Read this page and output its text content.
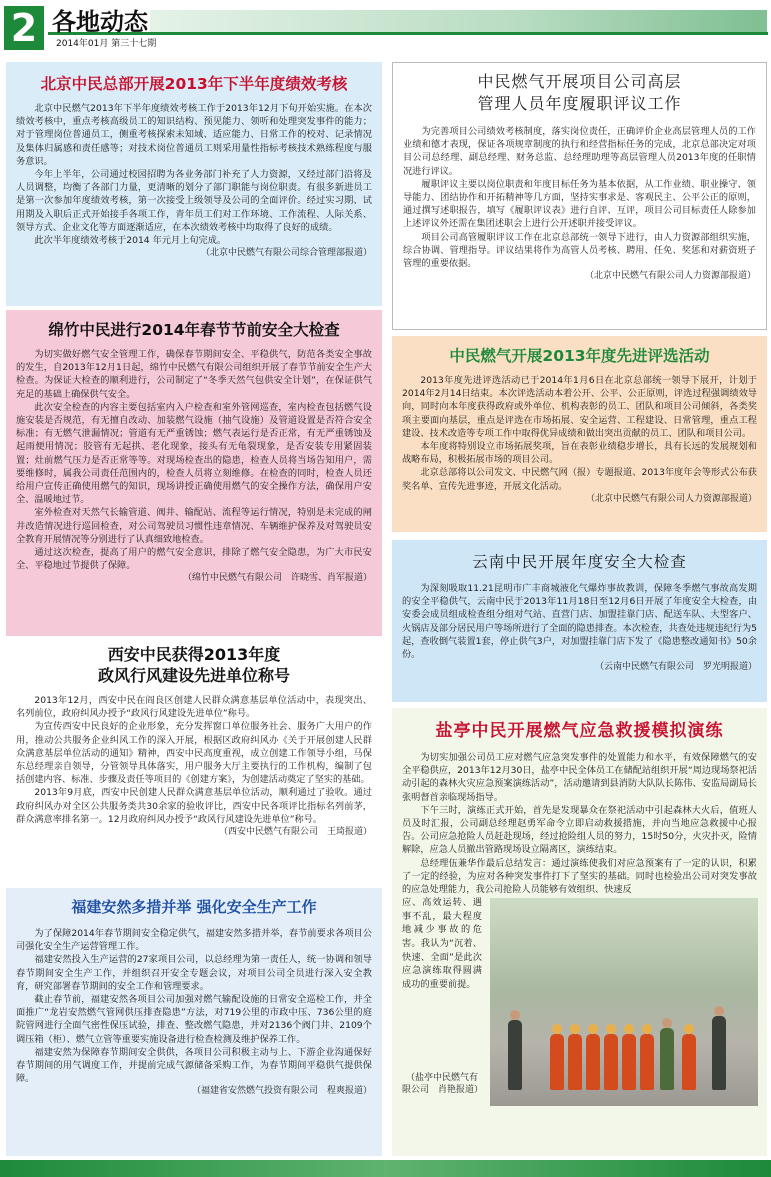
2 各地动态
2014年01月 第三十七期
北京中民总部开展2013年下半年度绩效考核

北京中民燃气2013年下半年度绩效考核工作于2013年12月下旬开始实施。在本次绩效考核中，重点考核高级员工的知识结构、预见能力、领听和处理突发事件的能力；对于管理岗位普通员工，侧重考核探索未知域、适应能力、日常工作的校对、记录情况及集体归属感和责任感等；对技术岗位普通员工则采用量性指标考核技术熟练程度与服务意识。

今年上半年，公司通过校园招聘为各业务部门补充了人力资源，又经过部门沿将及人员调整，均衡了各部门力量，更清晰的划分了部门职能与岗位职责。有很多新进员工是第一次参加年度绩效考核，第一次接受上级领导及公司的全面评价。经过实习期、试用期及入职后正式开始接手各项工作，青年员工们对工作环境、工作流程、人际关系、领导方式、企业文化等方面逐渐适应，在本次绩效考核中均取得了良好的成绩。

此次半年度绩效考核于2014 年元月上旬完成。

（北京中民燃气有限公司综合管理部报道）

中民燃气开展项目公司高层
管理人员年度履职评议工作

为完善项目公司绩效考核制度，落实岗位责任，正确评价企业高层管理人员的工作业绩和德才表现，保证各项规章制度的执行和经营指标任务的完成，北京总部决定对项目公司总经理、副总经理、财务总监、总经理助理等高层管理人员2013年度的任职情况进行评议。

履职评议主要以岗位职责和年度目标任务为基本依据，从工作业绩、职业操守、领导能力、团结协作和开拓精神等几方面，坚持实事求是、客观民主、公平公正的原则，通过撰写述职报告，填写《履职评议表》进行自评、互评，项目公司目标责任人除参加上述评议外还需在集团述职会上进行公开述职并接受评议。

项目公司高管履职评议工作在北京总部统一领导下进行，由人力资源部组织实施，综合协调、管理指导。评议结果将作为高管人员考核、聘用、任免、奖惩和对薪资班子管理的重要依据。

（北京中民燃气有限公司人力资源部报道）

绵竹中民进行2014年春节节前安全大检查

为切实做好燃气安全管理工作，确保春节期间安全、平稳供气，防范各类安全事故的发生，自2013年12月1日起，绵竹中民燃气有限公司组织开展了春节节前安全生产大检查。为保证大检查的顺利进行，公司制定了“冬季天然气包供安全计划”，在保证供气充足的基础上确保供气安全。

此次安全检查的内容主要包括室内入户检查和室外管网巡查，室内检查包括燃气设施安装是否规范，有无擅自改动、加装燃气设施（抽气设施）及管道设置是否符合安全标准；有无燃气泄漏情况；管道有无严重锈蚀；燃气表运行是否正常，有无严重锈蚀及起雨便用情况；胶管有无起拱、老化现象，接头有无龟裂现象，是否安装专用紧固装置；灶前燃气压力是否正常等等。对现场检查出的隐患，检查人员将当场告知用户，需要维修时，属我公司责任范围内的，检查人员将立刻维修。在检查的同时，检查人员还给用户宣传正确使用燃气的知识，现场讲授正确使用燃气的安全操作方法，确保用户安全、温暖地过节。

室外检查对天然气长输管道、阀井、输配站、流程等运行情况，特别是未完成的闸井改造情况进行巡回检查，对公司驾驶员习惯性违章情况、车辆维护保养及对驾驶员安全教育开展情况等分别进行了认真细致地检查。

通过这次检查，提高了用户的燃气安全意识，排除了燃气安全隐患，为广大市民安全、平稳地过节提供了保障。

（绵竹中民燃气有限公司　许晓雪、肖军报道）

中民燃气开展2013年度先进评选活动

2013年度先进评选活动已于2014年1月6日在北京总部统一领导下展开，计划于2014年2月14日结束。本次评选活动本着公开、公平、公正原则，评选过程强调绩效导向，同时向本年度获得政府或外单位、机构表彰的员工、团队和项目公司倾斜，各类奖项主要面向基层，重点是评选在市场拓展、安全运营、工程建设、日常管理，重点工程建设、技术改造等专项工作中取得优异成绩和做出突出贡献的员工、团队和项目公司。

本年度将特别设立市场拓展奖项，旨在表彰业绩稳步增长，具有长远的发展规划和战略布局，积极拓展市场的项目公司。

北京总部将以公司发文、中民燃气网（报）专题报道、2013年度年会等形式公布获奖名单、宣传先进事迹，开展文化活动。

（北京中民燃气有限公司人力资源部报道）

西安中民获得2013年度
政风行风建设先进单位称号

2013年12月，西安中民在阎良区创建人民群众满意基层单位活动中，表现突出、名列前位，政府纠风办授予“政风行风建设先进单位”称号。

为宣传西安中民良好的企业形象，充分发挥窗口单位服务社会、服务广大用户的作用，推动公共服务企业纠风工作的深入开展，根据区政府纠风办《关于开展创建人民群众满意基层单位活动的通知》精神，西安中民高度重视，成立创建工作领导小组，马保东总经理亲自领导，分管领导具体落实，用户服务大厅主要执行的工作机构，编制了包括创建内容、标准、步骤及责任等项目的《创建方案》，为创建活动奠定了坚实的基础。

2013年9月底，西安中民创建人民群众满意基层单位活动，顺利通过了验收。通过政府纠风办对全区公共服务类共30余家的验收评比，西安中民各项评比指标名列前茅，群众满意率排名第一。12月政府纠风办授予“政风行风建设先进单位”称号。

（西安中民燃气有限公司　王琦报道）

云南中民开展年度安全大检查

为深刻吸取11.21昆明市广丰商城液化气爆炸事故教训，保障冬季燃气事故高发期的安全平稳供气，云南中民于2013年11月18日至12月6日开展了年度安全大检查，由安委会成员组成检查组分组对气站、直营门店、加盟挂靠门店、配送车队、大型客户、火锅店及部分居民用户等场所进行了全面的隐患排查。本次检查，共查处违规违纪行为5起，查收倒气装置1套，停止供气3户，对加盟挂靠门店下发了《隐患整改通知书》50余份。

（云南中民燃气有限公司　罗光明报道）

福建安然多措并举 强化安全生产工作

为了保障2014年春节期间安全稳定供气，福建安然多措并举，春节前要求各项目公司强化安全生产运营管理工作。

福建安然投入生产运营的27家项目公司，以总经理为第一责任人，统一协调和领导春节期间安全生产工作，并组织召开安全专题会议，对项目公司全员进行深入安全教育，研究部署春节期间的安全工作和管理要求。

截止春节前，福建安然各项目公司加强对燃气输配设施的日常安全巡检工作，并全面推广“龙岩安然燃气管网供压排查隐患”方法，对719公里的市政中压、736公里的庭院管网进行全面气密性保压试验，排查、整改燃气隐患，并对2136个阀门井、2109个调压箱（柜）、燃气立管等重要实施设备进行检查检测及维护保养工作。

福建安然为保障春节期间安全供供，各项目公司积极主动与上、下游企业沟通保好春节期间的用气调度工作，并提前完成气源储备采购工作，为春节期间平稳供气提供保障。

（福建省安然燃气投资有限公司　程爽报道）

盐亭中民开展燃气应急救援模拟演练

为切实加强公司员工应对燃气应急突发事件的处置能力和水平，有效保障燃气的安全平稳供应，2013年12月30日，盐亭中民全体员工在储配站组织开展“周边现场祭祀活动引起的森林火灾应急预案演练活动”，活动邀请到县消防大队队长陈伟、安监局副局长张明督首亲临现场指导。

下午三时，演练正式开始，首先是发现暴众在祭祀活动中引起森林大火后，值班人员及时汇报，公司副总经理赵勇军命令立即启动救援措施，并向当地应急救援中心报告。公司应急抢险人员赶赴现场，经过抢险组人员的努力，15时50分，火灾扑灭，险情解除，应急人员撤出管路现场设立隔离区，演练结束。

总经理伍兼华作最后总结发言：通过演练使我们对应急预案有了一定的认识，积累了一定的经验，为应对各种突发事件打下了坚实的基础。同时也检验出公司对突发事故的应急处理能力，我公司抢险人员能够有效组织、快速反

应、高效运转、遇事不乱，最大程度地减少事故的危害。我认为“沉着、快速、全面”是此次应急演练取得圆满成功的重要前提。

（盐亭中民燃气有限公司　肖艳报道）
